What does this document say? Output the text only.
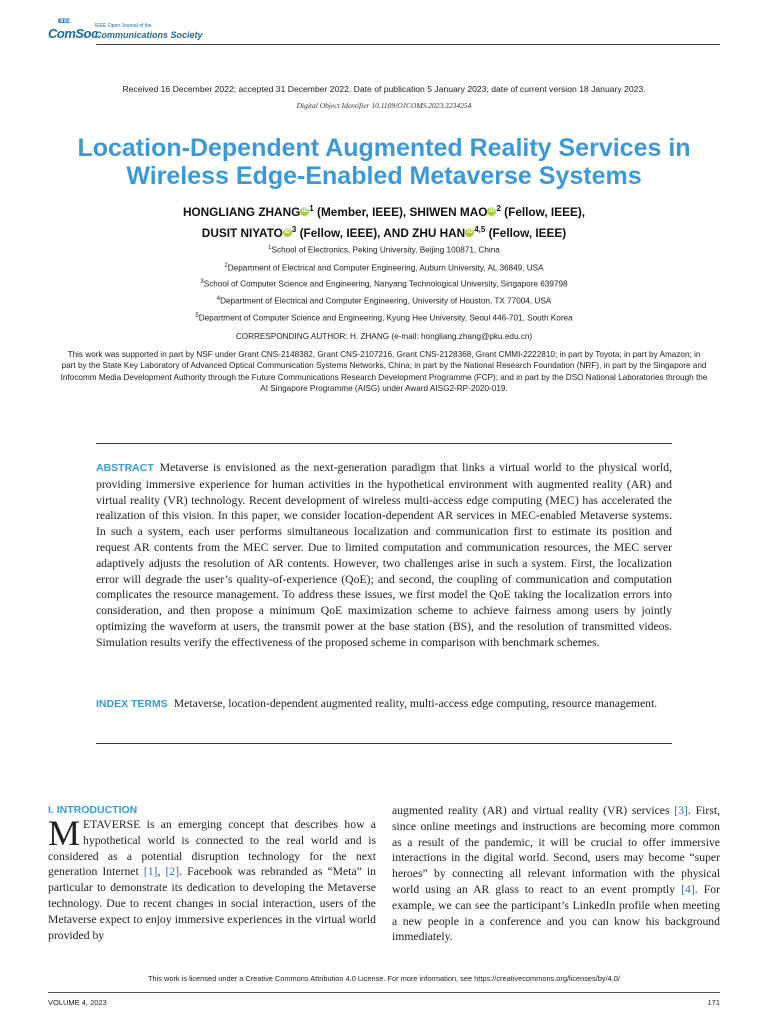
IEEE
ComSoc
IEEE Open Journal of the
Communications Society
Received 16 December 2022; accepted 31 December 2022. Date of publication 5 January 2023; date of current version 18 January 2023.
Digital Object Identifier 10.1109/OJCOMS.2023.3234254
Location-Dependent Augmented Reality Services in
Wireless Edge-Enabled Metaverse Systems
HONGLIANG ZHANG iD $^1$ (Member, IEEE), SHIWEN MAO iD $^2$ (Fellow, IEEE),
DUSIT NIYATO iD $^3$ (Fellow, IEEE), AND ZHU HAN iD $^{4,5}$ (Fellow, IEEE)
$^1$School of Electronics, Peking University, Beijing 100871, China
$^2$Department of Electrical and Computer Engineering, Auburn University, AL 36849, USA
$^3$School of Computer Science and Engineering, Nanyang Technological University, Singapore 639798
$^4$Department of Electrical and Computer Engineering, University of Houston, TX 77004, USA
$^5$Department of Computer Science and Engineering, Kyung Hee University, Seoul 446-701, South Korea
CORRESPONDING AUTHOR: H. ZHANG (e-mail: hongliang.zhang@pku.edu.cn)
This work was supported in part by NSF under Grant CNS-2148382, Grant CNS-2107216, Grant CNS-2128368, Grant CMMI-2222810; in part by Toyota; in part by Amazon; in part by the State Key Laboratory of Advanced Optical Communication Systems Networks, China; in part by the National Research Foundation (NRF), in part by the Singapore and Infocomm Media Development Authority through the Future Communications Research Development Programme (FCP); and in part by the DSO National Laboratories through the AI Singapore Programme (AISG) under Award AISG2-RP-2020-019.
ABSTRACT Metaverse is envisioned as the next-generation paradigm that links a virtual world to the physical world, providing immersive experience for human activities in the hypothetical environment with augmented reality (AR) and virtual reality (VR) technology. Recent development of wireless multi-access edge computing (MEC) has accelerated the realization of this vision. In this paper, we consider location-dependent AR services in MEC-enabled Metaverse systems. In such a system, each user performs simultaneous localization and communication first to estimate its position and request AR contents from the MEC server. Due to limited computation and communication resources, the MEC server adaptively adjusts the resolution of AR contents. However, two challenges arise in such a system. First, the localization error will degrade the user’s quality-of-experience (QoE); and second, the coupling of communication and computation complicates the resource management. To address these issues, we first model the QoE taking the localization errors into consideration, and then propose a minimum QoE maximization scheme to achieve fairness among users by jointly optimizing the waveform at users, the transmit power at the base station (BS), and the resolution of transmitted videos. Simulation results verify the effectiveness of the proposed scheme in comparison with benchmark schemes.
INDEX TERMS Metaverse, location-dependent augmented reality, multi-access edge computing, resource management.
I. INTRODUCTION
METAVERSE is an emerging concept that describes how a hypothetical world is connected to the real world and is considered as a potential disruption technology for the next generation Internet [1], [2]. Facebook was rebranded as “Meta” in particular to demonstrate its dedication to developing the Metaverse technology. Due to recent changes in social interaction, users of the Metaverse expect to enjoy immersive experiences in the virtual world provided by
augmented reality (AR) and virtual reality (VR) services [3]. First, since online meetings and instructions are becoming more common as a result of the pandemic, it will be crucial to offer immersive interactions in the digital world. Second, users may become “super heroes” by connecting all relevant information with the physical world using an AR glass to react to an event promptly [4]. For example, we can see the participant’s LinkedIn profile when meeting a new people in a conference and you can know his background immediately.
This work is licensed under a Creative Commons Attribution 4.0 License. For more information, see https://creativecommons.org/licenses/by/4.0/
VOLUME 4, 2023	171
